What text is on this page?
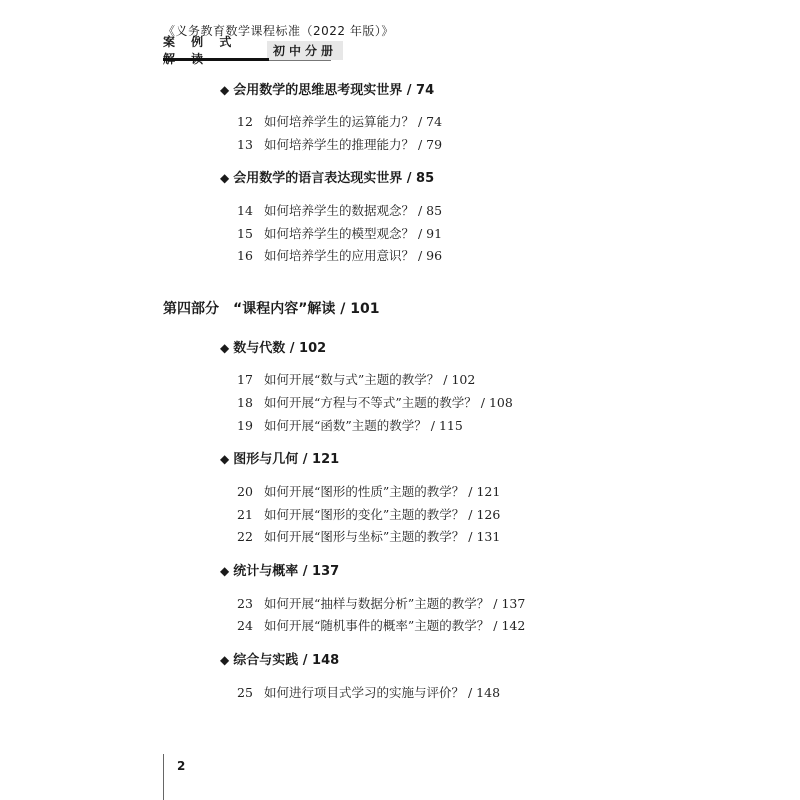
《义务教育数学课程标准（2022 年版）》
案 例 式
初中分册
◆ 会用数学的思维思考现实世界 / 74
12 如何培养学生的运算能力？ / 74
13 如何培养学生的推理能力？ / 79
◆ 会用数学的语言表达现实世界 / 85
14 如何培养学生的数据观念？ / 85
15 如何培养学生的模型观念？ / 91
16 如何培养学生的应用意识？ / 96
第四部分 “课程内容”解读 / 101
◆ 数与代数 / 102
17 如何开展“数与式”主题的教学？ / 102
18 如何开展“方程与不等式”主题的教学？ / 108
19 如何开展“函数”主题的教学？ / 115
◆ 图形与几何 / 121
20 如何开展“图形的性质”主题的教学？ / 121
21 如何开展“图形的变化”主题的教学？ / 126
22 如何开展“图形与坐标”主题的教学？ / 131
◆ 统计与概率 / 137
23 如何开展“抽样与数据分析”主题的教学？ / 137
24 如何开展“随机事件的概率”主题的教学？ / 142
◆ 综合与实践 / 148
25 如何进行项目式学习的实施与评价？ / 148
2
